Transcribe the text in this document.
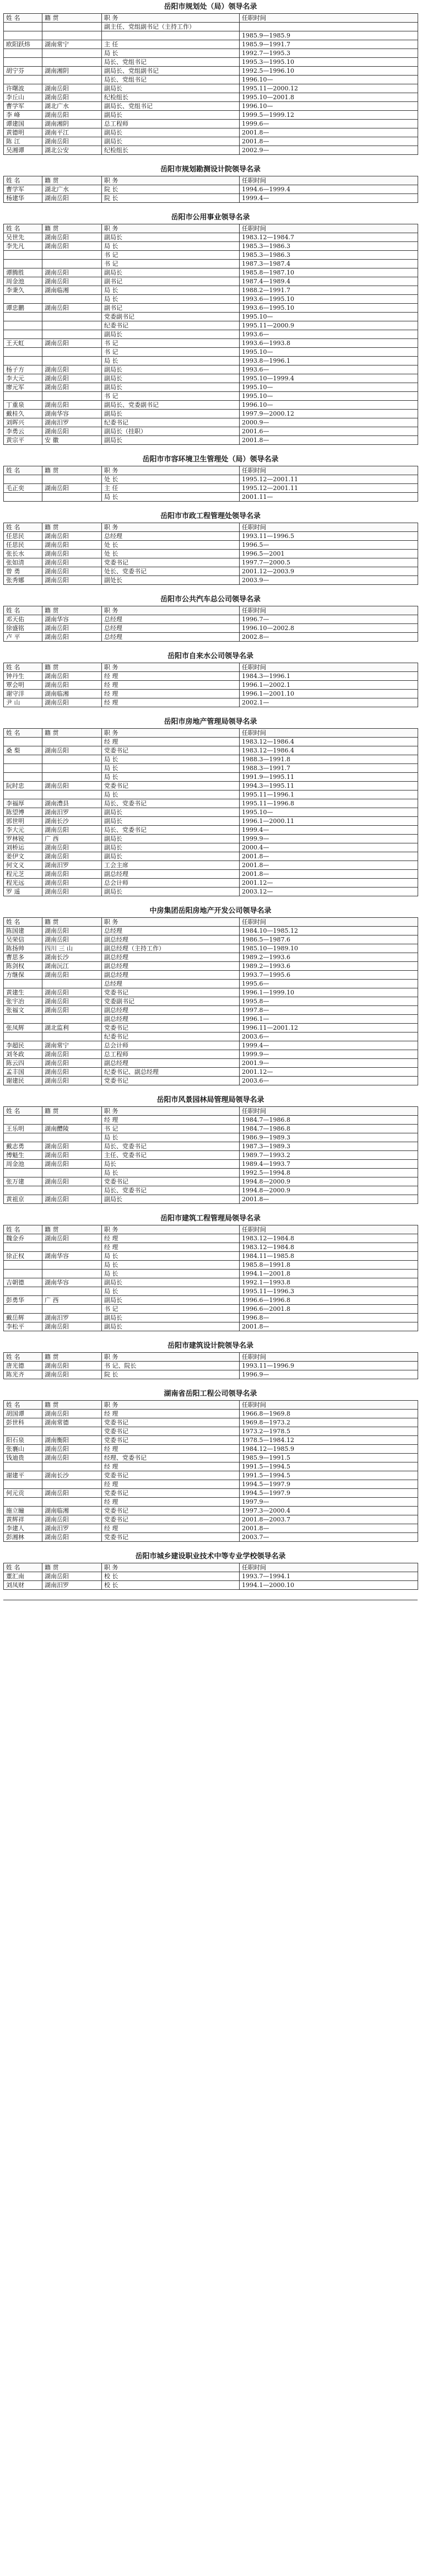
岳阳市规划处（局）领导名录
姓 名	籍 贯	职 务	任职时间
		副主任、党组副书记（主持工作）	
			1985.9—1985.9
欧阳跃炜	湖南常宁	主 任	1985.9—1991.7
		局 长	1992.7—1995.3
		局长、党组书记	1995.3—1995.10
胡宁芬	湖南湘阴	副局长、党组副书记	1992.5—1996.10
		局长、党组书记	1996.10—
许曙波	湖南岳阳	副局长	1995.11—2000.12
李丘山	湖南岳阳	纪检组长	1995.10—2001.8
曹学军	湖北广水	副局长、党组书记	1996.10—
李 峰	湖南岳阳	副局长	1999.5—1999.12
谭建国	湖南湘阴	总工程师	1999.6—
黄德明	湖南平江	副局长	2001.8—
陈 江	湖南岳阳	副局长	2001.8—
吴湘谭	湖北公安	纪检组长	2002.9—
岳阳市规划勘测设计院领导名录
姓 名	籍 贯	职 务	任职时间
曹学军	湖北广水	院 长	1994.6—1999.4
杨建华	湖南岳阳	院 长	1999.4—
岳阳市公用事业领导名录
姓 名	籍 贯	职 务	任职时间
吴世先	湖南岳阳	副局长	1983.12—1984.7
李先凡	湖南岳阳	局 长	1985.3—1986.3
		书 记	1985.3—1986.3
		书 记	1987.3—1987.4
谭腾胜	湖南岳阳	副局长	1985.8—1987.10
周金池	湖南岳阳	副书记	1987.4—1989.4
李秉久	湖南临湘	局 长	1988.2—1991.7
		局 长	1993.6—1995.10
谭忠鹏	湖南岳阳	副书记	1993.6—1995.10
		党委副书记	1995.10—
		纪委书记	1995.11—2000.9
		副局长	1993.6—
王天虹	湖南岳阳	书 记	1993.6—1993.8
		书 记	1995.10—
		局 长	1993.8—1996.1
杨子方	湖南岳阳	副局长	1993.6—
李大元	湖南岳阳	副局长	1995.10—1999.4
廖元军	湖南岳阳	副局长	1995.10—
		书 记	1995.10—
丁重泉	湖南岳阳	副局长、党委副书记	1996.10—
戴桂久	湖南华容	副局长	1997.9—2000.12
刘晖兴	湖南汨罗	纪委书记	2000.9—
李勇云	湖南岳阳	副局长（挂职）	2001.6—
黄宗平	安 徽	副局长	2001.8—
岳阳市市容环境卫生管理处（局）领导名录
姓 名	籍 贯	职 务	任职时间
		处 长	1995.12—2001.11
毛正奕	湖南岳阳	主 任	1995.12—2001.11
		局 长	2001.11—
岳阳市市政工程管理处领导名录
姓 名	籍 贯	职 务	任职时间
任思民	湖南岳阳	总经理	1993.11—1996.5
任思民	湖南岳阳	处 长	1996.5—
张长水	湖南岳阳	处 长	1996.5—2001
张如清	湖南岳阳	党委书记	1997.7—2000.5
曾 勇	湖南岳阳	处长、党委书记	2001.12—2003.9
张秀娜	湖南岳阳	副处长	2003.9—
岳阳市公共汽车总公司领导名录
姓 名	籍 贯	职 务	任职时间
邓天佑	湖南华容	总经理	1996.7—
徐盛铭	湖南岳阳	总经理	1996.10—2002.8
卢 平	湖南岳阳	总经理	2002.8—
岳阳市自来水公司领导名录
姓 名	籍 贯	职 务	任职时间
钟丹生	湖南岳阳	经 理	1984.3—1996.1
覃会明	湖南岳阳	经 理	1996.1—2002.1
谢守洋	湖南临湘	经 理	1996.1—2001.10
尹 山	湖南岳阳	经 理	2002.1—
岳阳市房地产管理局领导名录
姓 名	籍 贯	职 务	任职时间
		经 理	1983.12—1986.4
桑 梨	湖南岳阳	党委书记	1983.12—1986.4
		局 长	1988.3—1991.8
		局 长	1988.3—1991.7
		局 长	1991.9—1995.11
阮时忠	湖南岳阳	党委书记	1994.3—1995.11
		局 长	1995.11—1996.1
李福厚	湖南澧县	局长、党委书记	1995.11—1996.8
陈望博	湖南汨罗	副局长	1995.10—
郭世明	湖南长沙	副局长	1996.1—2000.11
李大元	湖南岳阳	局长、党委书记	1999.4—
罗林锐	广 西	副局长	1999.9—
刘桥运	湖南岳阳	副局长	2000.4—
姜伊文	湖南岳阳	副局长	2001.8—
何文义	湖南汨罗	工会主席	2001.8—
程元芝	湖南岳阳	副总经理	2001.8—
程光远	湖南岳阳	总会计师	2001.12—
罗 遥	湖南岳阳	副局长	2003.12—
中房集团岳阳房地产开发公司领导名录
姓 名	籍 贯	职 务	任职时间
陈国建	湖南岳阳	总经理	1984.10—1985.12
吴荣信	湖南岳阳	副总经理	1986.5—1987.6
陈扬帅	四川 三 山	副总经理（主持工作）	1985.10—1989.10
曹思多	湖南长沙	副总经理	1989.2—1993.6
陈剑权	湖南沅江	副总经理	1989.2—1993.6
方继保	湖南岳阳	副总经理	1993.7—1995.6
		总经理	1995.6—
黄建生	湖南岳阳	党委书记	1996.1—1999.10
张宇冶	湖南岳阳	党委副书记	1995.8—
张福文	湖南岳阳	副总经理	1997.8—
		副总经理	1996.1—
张凤辉	湖北监利	党委书记	1996.11—2001.12
		纪委书记	2003.6—
李超民	湖南常宁	总会计师	1999.4—
刘冬政	湖南岳阳	总工程师	1999.9—
陈云四	湖南岳阳	副总经理	2001.9—
孟丰国	湖南岳阳	纪委书记、副总经理	2001.12—
谢建民	湖南岳阳	党委书记	2003.6—
岳阳市风景园林局管理局领导名录
姓 名	籍 贯	职 务	任职时间
		经 理	1984.7—1986.8
王乐明	湖南醴陵	书 记	1984.7—1986.8
		局 长	1986.9—1989.3
戴志勇	湖南岳阳	局长、党委书记	1987.3—1989.3
傅魁生	湖南岳阳	主任、党委书记	1989.7—1993.2
周金池	湖南岳阳	局长	1989.4—1993.7
		局 长	1992.5—1994.8
张万建	湖南岳阳	党委书记	1994.8—2000.9
		局长、党委书记	1994.8—2000.9
黄祖京	湖南岳阳	副局长	2001.8—
岳阳市建筑工程管理局领导名录
姓 名	籍 贯	职 务	任职时间
魏金乔	湖南岳阳	经 理	1983.12—1984.8
		经 理	1983.12—1984.8
徐正权	湖南华容	局 长	1984.11—1985.8
		局 长	1985.8—1991.8
		局 长	1994.1—2001.8
吉朝德	湖南华容	副局长	1992.1—1993.8
		局 长	1995.11—1996.3
彭勇华	广 西	副局长	1996.6—1996.8
		书 记	1996.6—2001.8
戴岳辉	湖南汨罗	副局长	1996.8—
李松平	湖南岳阳	副局长	2001.8—
岳阳市建筑设计院领导名录
姓 名	籍 贯	职 务	任职时间
唐光德	湖南岳阳	书 记、院长	1993.11—1996.9
陈光齐	湖南岳阳	院 长	1996.9—
湖南省岳阳工程公司领导名录
姓 名	籍 贯	职 务	任职时间
胡国谭	湖南岳阳	经 理	1966.8—1969.8
彭世科	湖南常德	党委书记	1969.8—1973.2
		党委书记	1973.2—1978.5
阳石泉	湖南衡阳	党委书记	1978.5—1984.12
张襄山	湖南岳阳	经 理	1984.12—1985.9
钱迪贵	湖南岳阳	经理、党委书记	1985.9—1991.5
		经 理	1991.5—1994.5
谢建平	湖南长沙	党委书记	1991.5—1994.5
		经 理	1994.5—1997.9
何元贡	湖南岳阳	党委书记	1994.5—1997.9
		经 理	1997.9—
施立瞳	湖南临湘	党委书记	1997.3—2000.4
黄辉祥	湖南岳阳	党委书记	2001.8—2003.7
李建人	湖南汨罗	经 理	2001.8—
彭湘林	湖南岳阳	党委书记	2003.7—
岳阳市城乡建设职业技术中等专业学校领导名录
姓 名	籍 贯	职 务	任职时间
董汇南	湖南岳阳	校 长	1993.7—1994.1
刘凤财	湖南汨罗	校 长	1994.1—2000.10
